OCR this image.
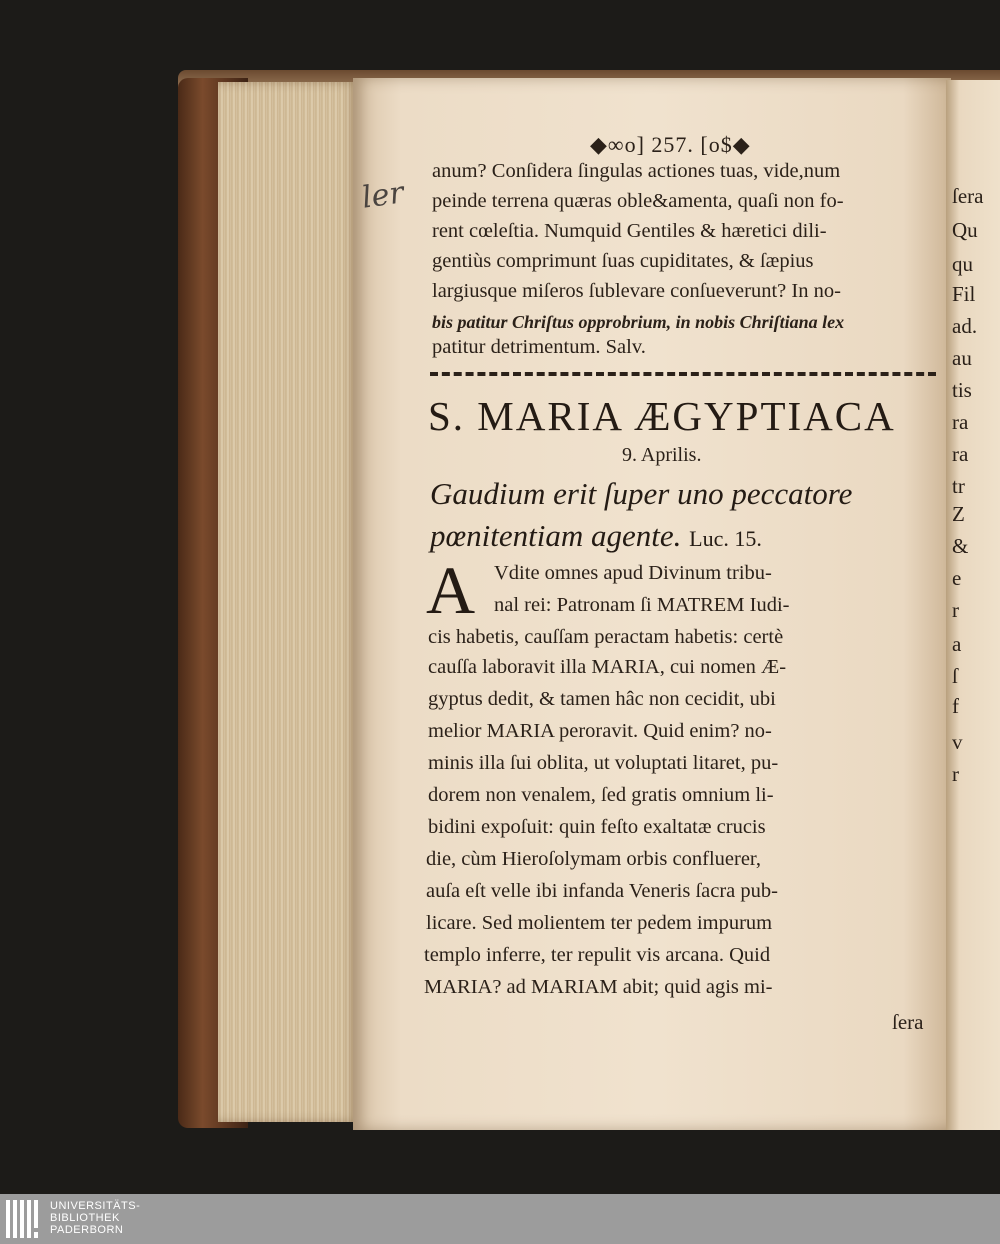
ſera
Qu
qu
Fil
ad.
au
tis
ra
ra
tr
Z
&
e
r
a
ſ
f
v
r
ler
◆∞o] 257. [o$◆
anum? Conſidera ſingulas actiones tuas, vide,num
peinde terrena quæras oble&amenta, quaſi non fo-
rent cœleſtia. Numquid Gentiles & hæretici dili-
gentiùs comprimunt ſuas cupiditates, & ſæpius
largiusque miſeros ſublevare conſueverunt? In no-
bis patitur Chriſtus opprobrium, in nobis Chriſtiana lex
patitur detrimentum. Salv.
S. MARIA ÆGYPTIACA
9. Aprilis.
Gaudium erit ſuper uno peccatore
pœnitentiam agente. Luc. 15.
A Vdite omnes apud Divinum tribu-
nal rei: Patronam ſi MATREM Iudi-
cis habetis, cauſſam peractam habetis: certè
cauſſa laboravit illa MARIA, cui nomen Æ-
gyptus dedit, & tamen hâc non cecidit, ubi
melior MARIA peroravit. Quid enim? no-
minis illa ſui oblita, ut voluptati litaret, pu-
dorem non venalem, ſed gratis omnium li-
bidini expoſuit: quin feſto exaltatæ crucis
die, cùm Hieroſolymam orbis confluerer,
auſa eſt velle ibi infanda Veneris ſacra pub-
licare. Sed molientem ter pedem impurum
templo inferre, ter repulit vis arcana. Quid
MARIA? ad MARIAM abit; quid agis mi-
ſera
UNIVERSITÄTS-
BIBLIOTHEK
PADERBORN
